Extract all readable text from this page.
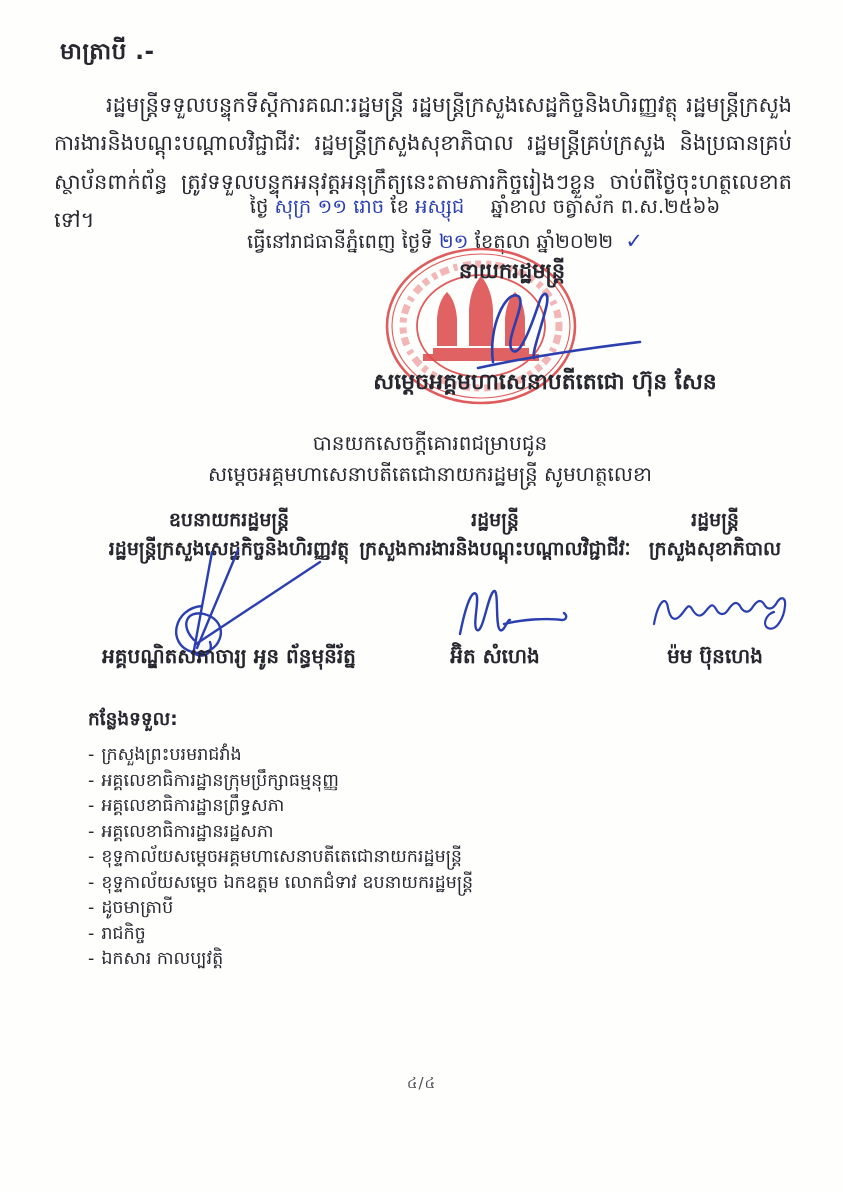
មាត្រាបី .-
រដ្ឋមន្ត្រីទទួលបន្ទុកទីស្ដីការគណៈរដ្ឋមន្ត្រី រដ្ឋមន្ត្រីក្រសួងសេដ្ឋកិច្ចនិងហិរញ្ញវត្ថុ រដ្ឋមន្ត្រីក្រសួងការងារនិងបណ្ដុះបណ្ដាលវិជ្ជាជីវៈ រដ្ឋមន្ត្រីក្រសួងសុខាភិបាល រដ្ឋមន្ត្រីគ្រប់ក្រសួង និងប្រធានគ្រប់ស្ថាប័នពាក់ព័ន្ធ ត្រូវទទួលបន្ទុកអនុវត្តអនុក្រឹត្យនេះតាមភារកិច្ចរៀងៗខ្លួន ចាប់ពីថ្ងៃចុះហត្ថលេខាតទៅ។
ថ្ងៃ សុក្រ ១១ រោច ខែ អស្សុជ ឆ្នាំខាល ចត្វាស័ក ព.ស.២៥៦៦
ធ្វើនៅរាជធានីភ្នំពេញ ថ្ងៃទី ២១ ខែតុលា ឆ្នាំ២០២២ ✓
នាយករដ្ឋមន្ត្រី
សម្ដេចអគ្គមហាសេនាបតីតេជោ ហ៊ុន សែន
បានយកសេចក្ដីគោរពជម្រាបជូន
សម្ដេចអគ្គមហាសេនាបតីតេជោនាយករដ្ឋមន្ត្រី សូមហត្ថលេខា
ឧបនាយករដ្ឋមន្ត្រី
រដ្ឋមន្ត្រីក្រសួងសេដ្ឋកិច្ចនិងហិរញ្ញវត្ថុ
រដ្ឋមន្ត្រី
ក្រសួងការងារនិងបណ្ដុះបណ្ដាលវិជ្ជាជីវៈ
រដ្ឋមន្ត្រី
ក្រសួងសុខាភិបាល
អគ្គបណ្ឌិតសភាចារ្យ អូន ព័ន្ធមុនីរ័ត្ន	អ៊ិត សំហេង	ម៉ម ប៊ុនហេង
កន្លែងទទួល:
- ក្រសួងព្រះបរមរាជវាំង
- អគ្គលេខាធិការដ្ឋានក្រុមប្រឹក្សាធម្មនុញ្ញ
- អគ្គលេខាធិការដ្ឋានព្រឹទ្ធសភា
- អគ្គលេខាធិការដ្ឋានរដ្ឋសភា
- ខុទ្ទកាល័យសម្ដេចអគ្គមហាសេនាបតីតេជោនាយករដ្ឋមន្ត្រី
- ខុទ្ទកាល័យសម្ដេច ឯកឧត្ដម លោកជំទាវ ឧបនាយករដ្ឋមន្ត្រី
- ដូចមាត្រាបី
- រាជកិច្ច
- ឯកសារ កាលប្បវត្តិ
៤/៤
